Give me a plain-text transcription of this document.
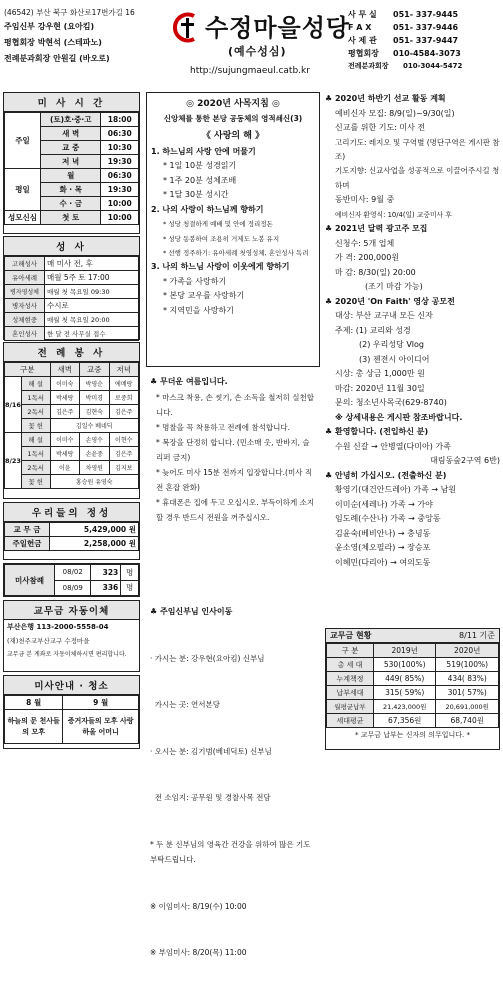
(46542) 부산 북구 화산로17번가길 16
주임신부 강우현 (요아킴)
평협회장 박현석 (스테파노)
전례분과회장 안원길 (바오로)
수정마을성당
(예수성심)
http://sujungmaeul.catb.kr
사 무 실 051- 337-9445
F A X	051- 337-9446
사 제 관 051- 337-9447
평협회장 010-4584-3073
전례분과회장 010-3044-5472
미 사 시 간
주일	(토)호·중·고	18:00
	새 벽	06:30
	교 중	10:30
	저 녁	19:30
평일	월	06:30
	화 · 목	19:30
	수 · 금	10:00
성모신심	첫 토	10:00
성 사
고해성사	매 미사 전, 후
유아세례	매월 5주 토 17:00
병자영성체	매월 첫 목요일 09:30
병자성사	수시로
성체현중	매월 첫 목요일 20:00
혼인성사	한 달 전 사무실 접수
전 례 봉 사
구분		새벽	교중	저녁
8/16	해 설	이미숙	박영순	에메랑
	1독서	박세랑	박미경	로중희
	2독서	김은주	김현숙	김은주
	꽃 헌	김일수 베네딕		
8/23	해 설	이미수	손영수	이현수
	1독서	박세랑	손윤중	김은주
	2독서	이윤	차영원	김지보
	꽃 헌	홍승원 유영숙		
우리들의 정성
교 무 금	5,429,000 원
주일헌금	2,258,000 원
미사참례	08/02	323	명
	08/09	336	명
교무금 자동이체
부산은행 113-2000-5558-04
(재)천주교부산교구 수정마을
교무금 본 계좌로 자동이체하시면 편리합니다.
미사안내 · 청소
8 월	9 월
하늘의 문 천사들의 모후	증거자들의 모후 사랑하올 어머니
◎ 2020년 사목지침 ◎
신앙체를 통한 본당 공동체의 영적쇄신(3)
《 사랑의 해 》
1. 하느님의 사랑 안에 머물기
* 1일 10분 성경읽기
* 1주 20분 성체조배
* 1달 30분 성시간
2. 나의 사랑이 하느님께 향하기
* 성당 청결하게 예배 및 안에 정리정돈
* 성당 동봉하여 조용히 거제도 노봉 유지
* 선행 정주하기: 유아세례 첫영성체, 혼인성사 독려
3. 나의 하느님 사랑이 이웃에게 향하기
* 가족을 사랑하기
* 본당 교우를 사랑하기
* 지역민을 사랑하기
♣ 무더운 여름입니다.
* 마스크 착용, 손 씻기, 손 소독을 철저히 실천합니다.
* 명찰을 꼭 착용하고 전례에 참석합니다.
* 복장을 단정히 합니다. (민소매 옷, 반바지, 슬리퍼 금지)
* 늦어도 미사 15분 전까지 입장합니다.(미사 직전 혼잡 완화)
* 휴대폰은 집에 두고 오십시오. 부득이하게 소지할 경우 반드시 전원을 꺼주십시오.
♣ 주임신부님 인사이동

· 가시는 분: 강우현(요아킴) 신부님

가시는 곳: 연서본당

· 오시는 분: 김기범(베네딕토) 신부님

전 소임지: 공무원 및 경찰사목 전담

* 두 분 신부님의 영육간 건강을 위하여 많은 기도 부탁드립니다.

※ 이임미사: 8/19(수) 10:00

※ 부임미사: 8/20(목) 11:00

♣ 2020년 하반기 선교 활동 계획
예비신자 모집: 8/9(일)~9/30(일)
신교를 위한 기도: 미사 전
고리기도: 레지오 및 구역별 (명단구역은 게시판 참조)
기도지향: 신교사업을 성공적으로 이끌어주시길 청하며
동반미사: 9월 중
예비신자 환영식: 10/4(일) 교중미사 후
♣ 2021년 달력 광고주 모집
신청수: 5개 업체
가 격: 200,000원
마 감: 8/30(일) 20:00
(조기 마감 가능)
♣ 2020년 'On Faith' 영상 공모전
대상: 부산 교구내 모든 신자
주제: (1) 교리와 성경
(2) 우리성당 Vlog
(3) 젠젼시 아이디어
시상: 총 상금 1,000만 원
마감: 2020년 11월 30일
문의: 청소년사목국(629-8740)
※ 상세내용은 게시판 참조바랍니다.
♣ 환영합니다. (전입하신 분)
수원 신갈 → 안병열(다미아) 가족
대림동숲2구역 6반)
♣ 안녕히 가십시오. (전출하신 분)
황영기(대건안드레아) 가족 → 남원
이미순(세레나) 가족 → 가야
임도례(수산나) 가족 → 중앙동
김윤숙(베비안나) → 충녕동
윤소영(체오필라) → 장승포
이혜민(다리아) → 여의도동
교무금 현황	8/11 기준
구 분	2019년	2020년
총 세 대	530(100%)	519(100%)
누계책정	449( 85%)	434( 83%)
납부세대	315( 59%)	301( 57%)
월평균납부	21,423,000원	20,691,000원
세대평균	67,356원	68,740원
* 교무금 납부는 신자의 의무입니다. *
